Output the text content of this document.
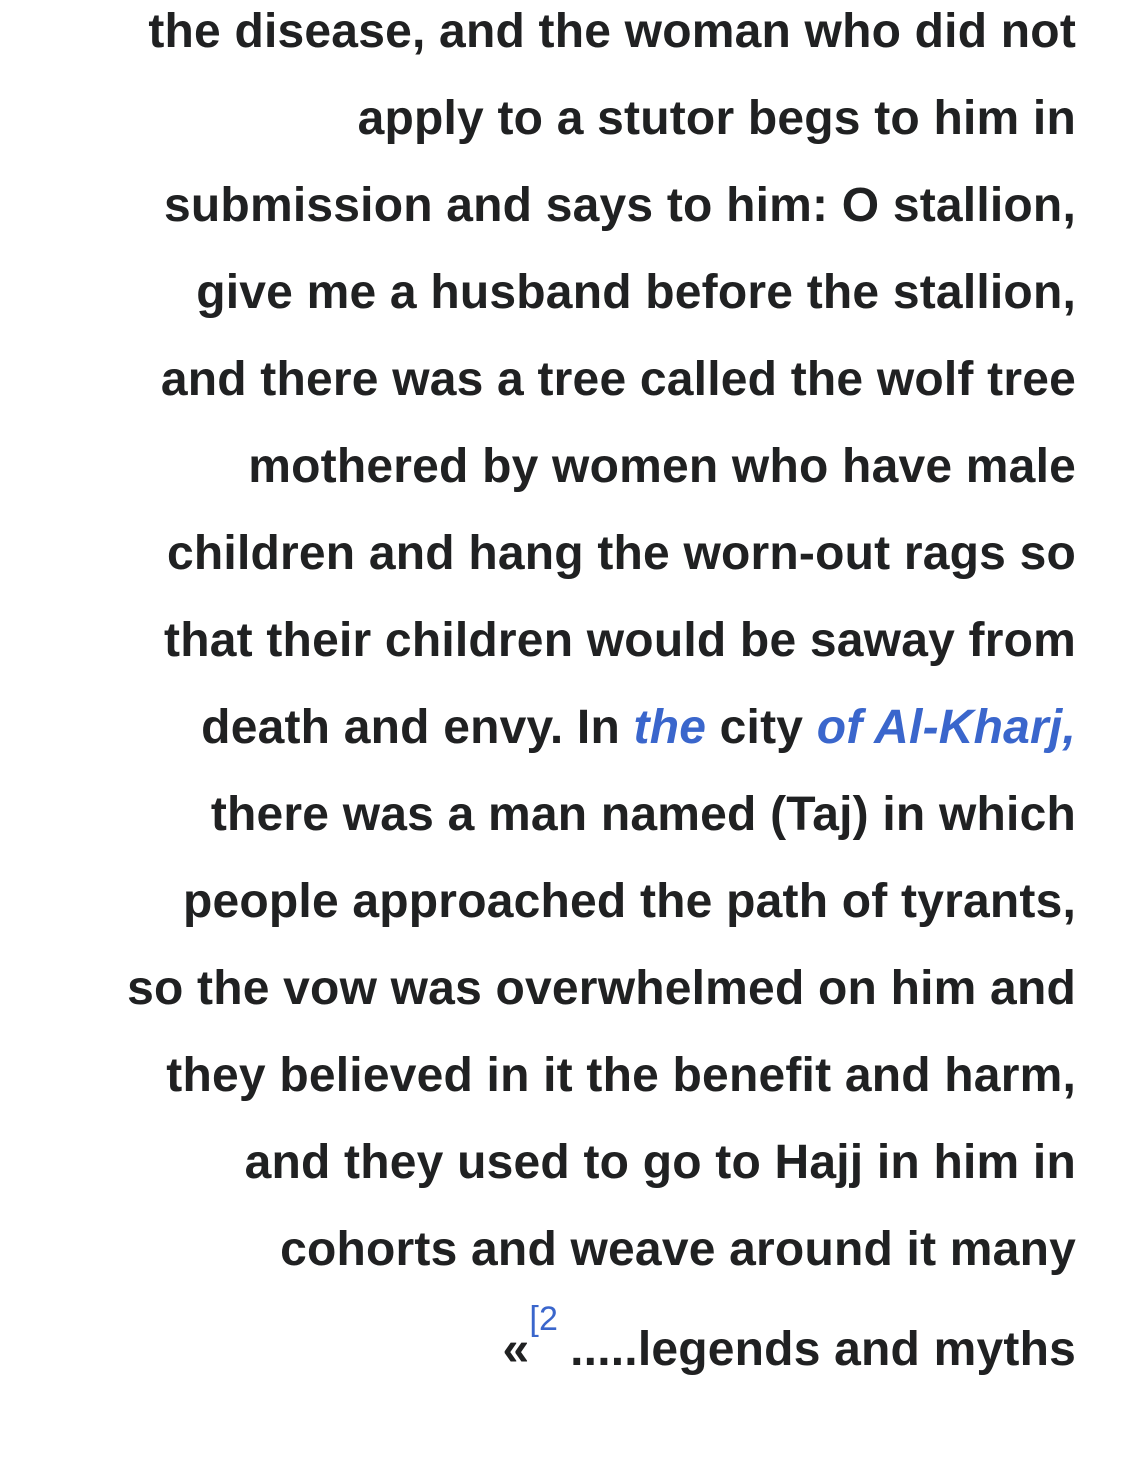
the disease, and the woman who did not
apply to a stutor begs to him in
submission and says to him: O stallion,
give me a husband before the stallion,
and there was a tree called the wolf tree
mothered by women who have male
children and hang the worn-out rags so
that their children would be saway from
death and envy. In the city of Al-Kharj,
there was a man named (Taj) in which
people approached the path of tyrants,
so the vow was overwhelmed on him and
they believed in it the benefit and harm,
and they used to go to Hajj in him in
cohorts and weave around it many
«$^{[2}$.....legends and myths
